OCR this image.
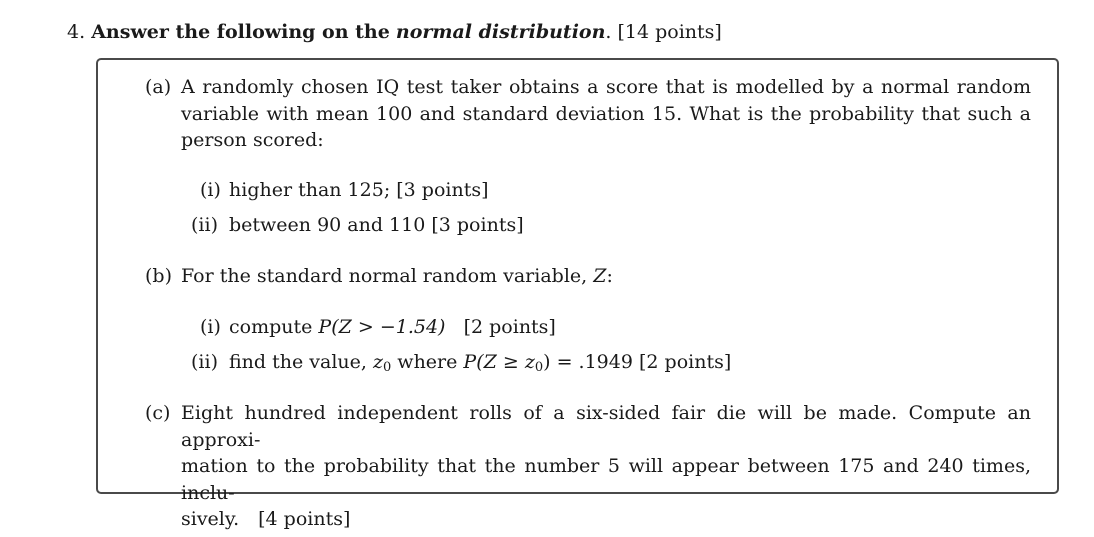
4. Answer the following on the normal distribution. [14 points]
(a) A randomly chosen IQ test taker obtains a score that is modelled by a normal random
variable with mean 100 and standard deviation 15. What is the probability that such a
person scored:
(i) higher than 125; [3 points]
(ii) between 90 and 110 [3 points]
(b) For the standard normal random variable, Z:
(i) compute P(Z > −1.54) [2 points]
(ii) find the value, $z_0$ where $P(Z \ge z_0) = .1949$ [2 points]
(c) Eight hundred independent rolls of a six-sided fair die will be made. Compute an approxi-
mation to the probability that the number 5 will appear between 175 and 240 times, inclu-
sively. [4 points]
